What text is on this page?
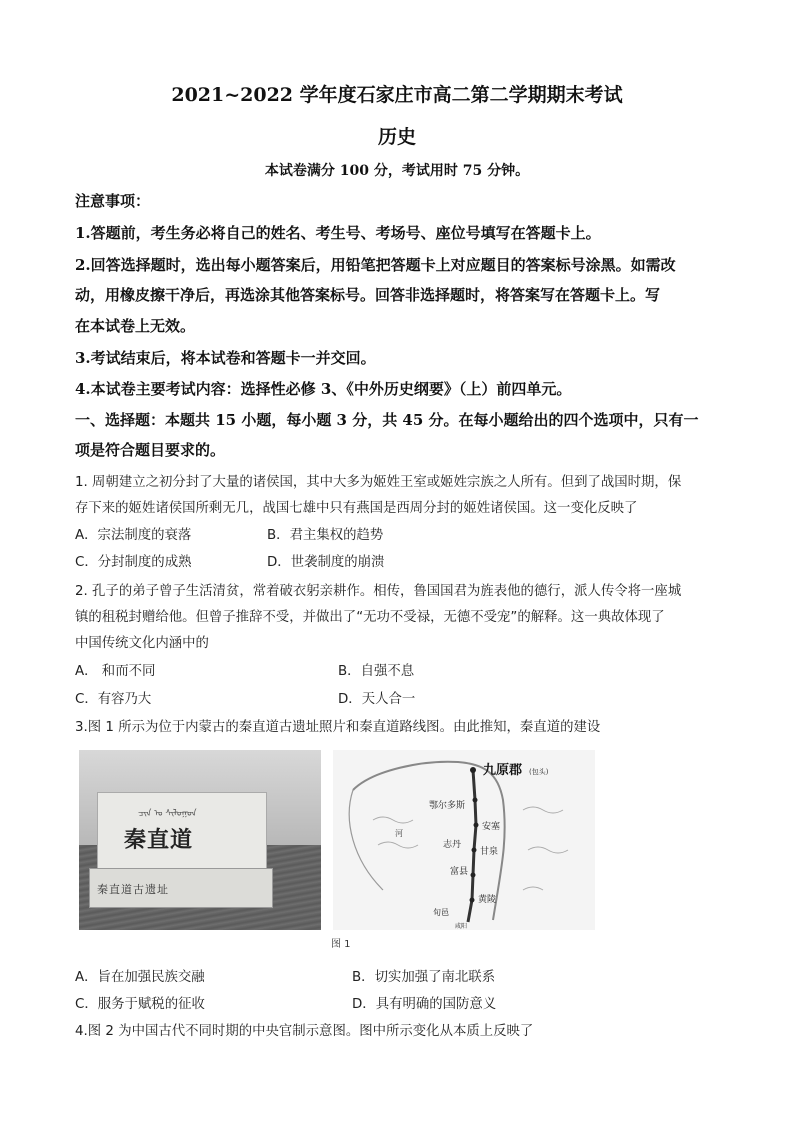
2021~2022 学年度石家庄市高二第二学期期末考试
历史
本试卷满分 100 分，考试用时 75 分钟。
注意事项：
1.答题前，考生务必将自己的姓名、考生号、考场号、座位号填写在答题卡上。
2.回答选择题时，选出每小题答案后，用铅笔把答题卡上对应题目的答案标号涂黑。如需改
动，用橡皮擦干净后，再选涂其他答案标号。回答非选择题时，将答案写在答题卡上。写
在本试卷上无效。
3.考试结束后，将本试卷和答题卡一并交回。
4.本试卷主要考试内容：选择性必修 3、《中外历史纲要》（上）前四单元。
一、选择题：本题共 15 小题，每小题 3 分，共 45 分。在每小题给出的四个选项中，只有一
项是符合题目要求的。
1. 周朝建立之初分封了大量的诸侯国，其中大多为姬姓王室或姬姓宗族之人所有。但到了战国时期，保
存下来的姬姓诸侯国所剩无几，战国七雄中只有燕国是西周分封的姬姓诸侯国。这一变化反映了
A．宗法制度的衰落	B．君主集权的趋势
C．分封制度的成熟	D．世袭制度的崩溃
2. 孔子的弟子曾子生活清贫，常着破衣躬亲耕作。相传，鲁国国君为旌表他的德行，派人传令将一座城
镇的租税封赠给他。但曾子推辞不受，并做出了“无功不受禄，无德不受宠”的解释。这一典故体现了
中国传统文化内涵中的
A． 和而不同	B．自强不息
C．有容乃大	D．天人合一
3.图 1 所示为位于内蒙古的秦直道古遗址照片和秦直道路线图。由此推知，秦直道的建设
ᠴᠢᠨ ᠤ ᠰᠢᠯᠤᠭᠤᠨ
秦直道
秦直道古遗址
九原郡 (包头)
鄂尔多斯
安塞
志丹
甘泉
富县
黄陵
旬邑
咸阳
河
图 1
A．旨在加强民族交融	B．切实加强了南北联系
C．服务于赋税的征收	D．具有明确的国防意义
4.图 2 为中国古代不同时期的中央官制示意图。图中所示变化从本质上反映了
